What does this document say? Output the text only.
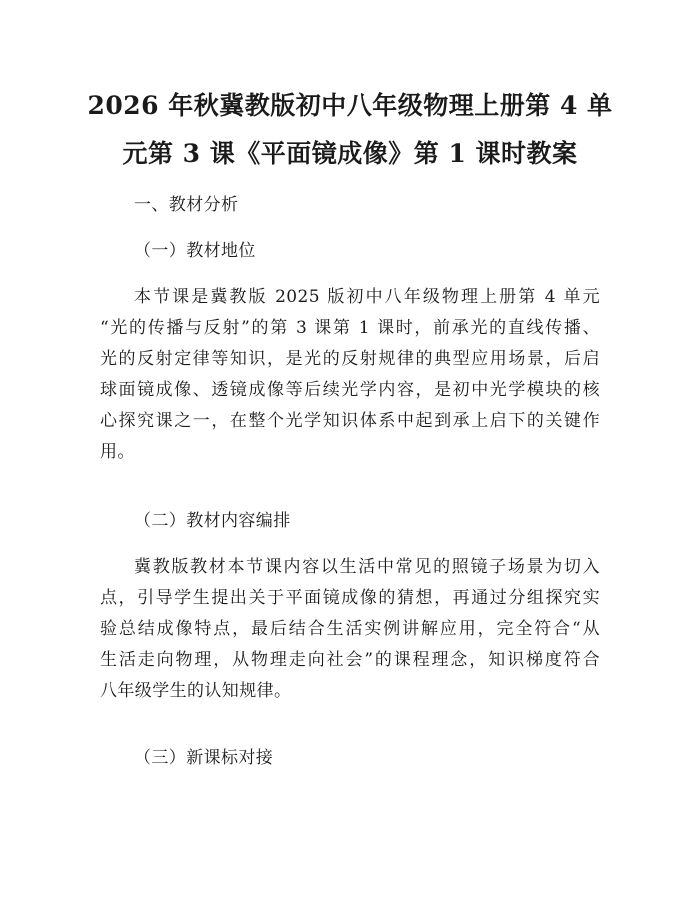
2026 年秋冀教版初中八年级物理上册第 4 单
元第 3 课《平面镜成像》第 1 课时教案
一、教材分析
（一）教材地位
本节课是冀教版 2025 版初中八年级物理上册第 4 单元
“光的传播与反射”的第 3 课第 1 课时，前承光的直线传播、
光的反射定律等知识，是光的反射规律的典型应用场景，后启
球面镜成像、透镜成像等后续光学内容，是初中光学模块的核
心探究课之一，在整个光学知识体系中起到承上启下的关键作
用。
（二）教材内容编排
冀教版教材本节课内容以生活中常见的照镜子场景为切入
点，引导学生提出关于平面镜成像的猜想，再通过分组探究实
验总结成像特点，最后结合生活实例讲解应用，完全符合“从
生活走向物理，从物理走向社会”的课程理念，知识梯度符合
八年级学生的认知规律。
（三）新课标对接
